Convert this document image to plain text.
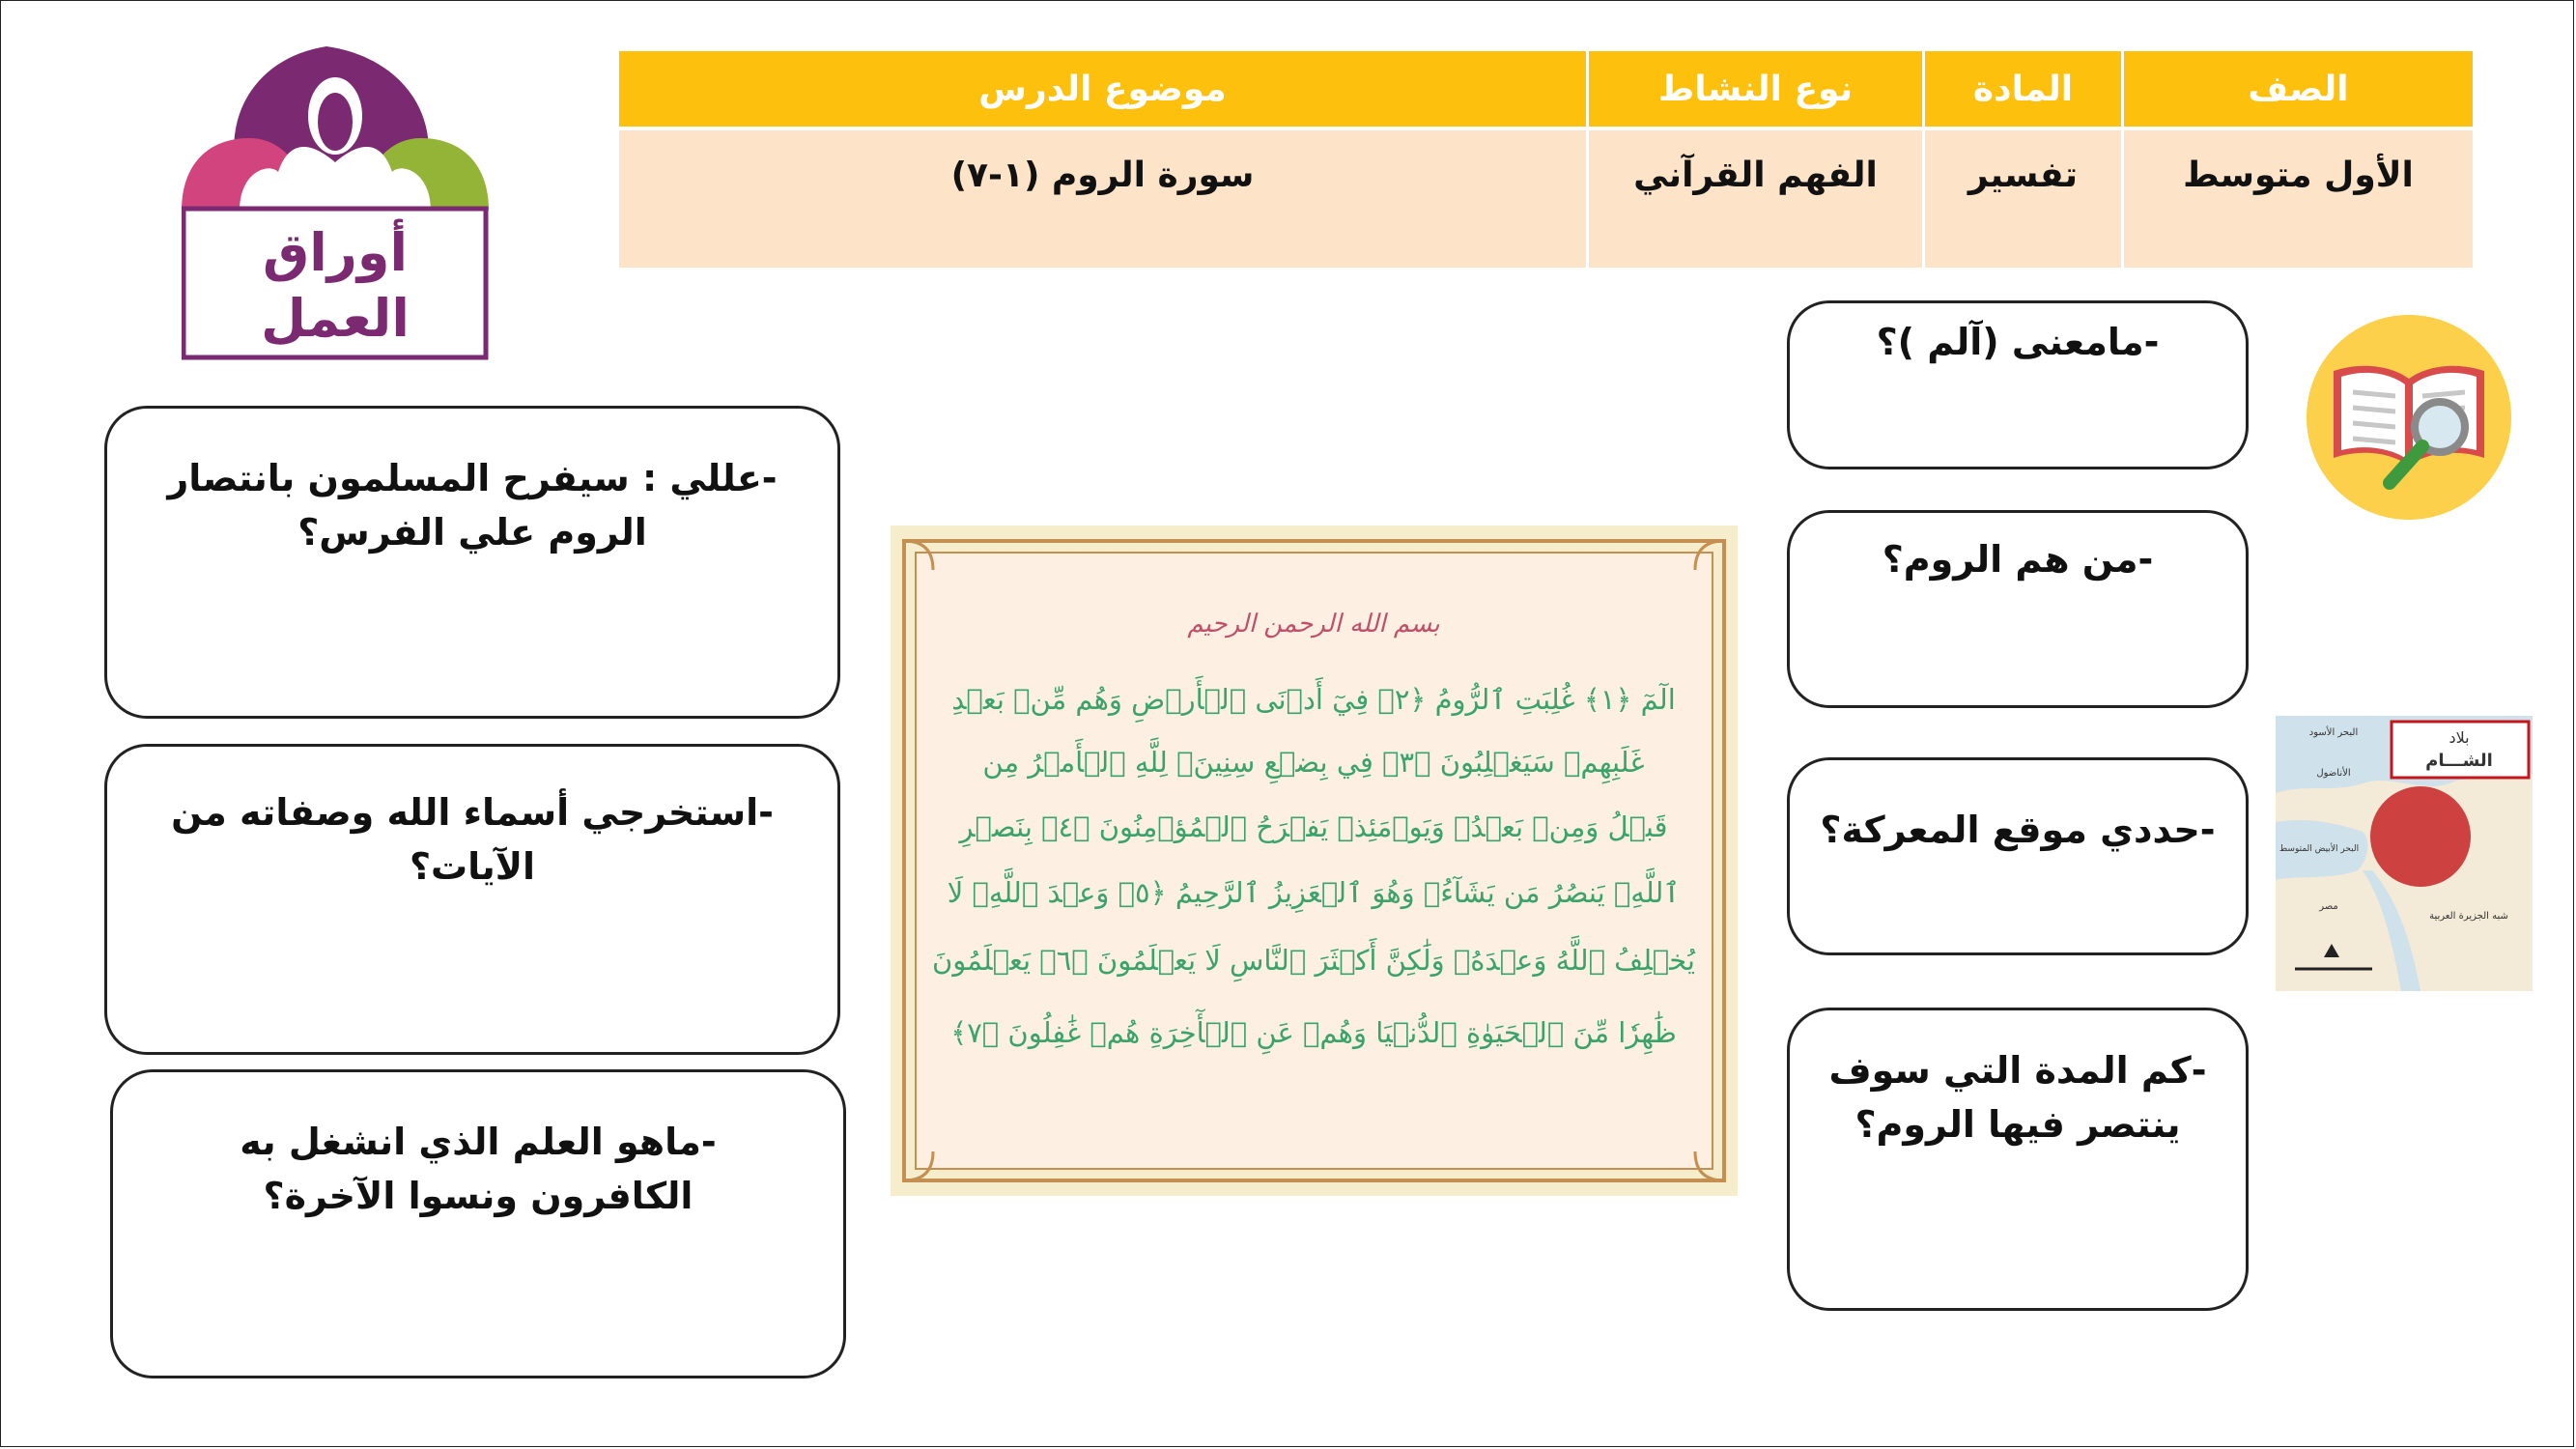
الصف	المادة	نوع النشاط	موضوع الدرس
الأول متوسط	تفسير	الفهم القرآني	سورة الروم (١-٧)
أوراق
العمل
بلاد
الشـــام
البحر الأسود
الأناضول
البحر الأبيض المتوسط
مصر
شبه الجزيرة العربية
بسم الله الرحمن الرحيم
الٓمٓ ﴿١﴾ غُلِبَتِ ٱلرُّومُ ﴿٢﴾ فِيٓ أَدۡنَى ٱلۡأَرۡضِ وَهُم مِّنۢ بَعۡدِ
غَلَبِهِمۡ سَيَغۡلِبُونَ ﴿٣﴾ فِي بِضۡعِ سِنِينَۗ لِلَّهِ ٱلۡأَمۡرُ مِن
قَبۡلُ وَمِنۢ بَعۡدُۚ وَيَوۡمَئِذٖ يَفۡرَحُ ٱلۡمُؤۡمِنُونَ ﴿٤﴾ بِنَصۡرِ
ٱللَّهِۚ يَنصُرُ مَن يَشَآءُۖ وَهُوَ ٱلۡعَزِيزُ ٱلرَّحِيمُ ﴿٥﴾ وَعۡدَ ٱللَّهِۖ لَا
يُخۡلِفُ ٱللَّهُ وَعۡدَهُۥ وَلَٰكِنَّ أَكۡثَرَ ٱلنَّاسِ لَا يَعۡلَمُونَ ﴿٦﴾ يَعۡلَمُونَ
ظَٰهِرٗا مِّنَ ٱلۡحَيَوٰةِ ٱلدُّنۡيَا وَهُمۡ عَنِ ٱلۡأٓخِرَةِ هُمۡ غَٰفِلُونَ ﴿٧﴾
-مامعنى (آلم )؟
-من هم الروم؟
-حددي موقع المعركة؟
-كم المدة التي سوف ينتصر فيها الروم؟
-عللي : سيفرح المسلمون بانتصار الروم علي الفرس؟
-استخرجي أسماء الله وصفاته من الآيات؟
-ماهو العلم الذي انشغل به الكافرون ونسوا الآخرة؟
